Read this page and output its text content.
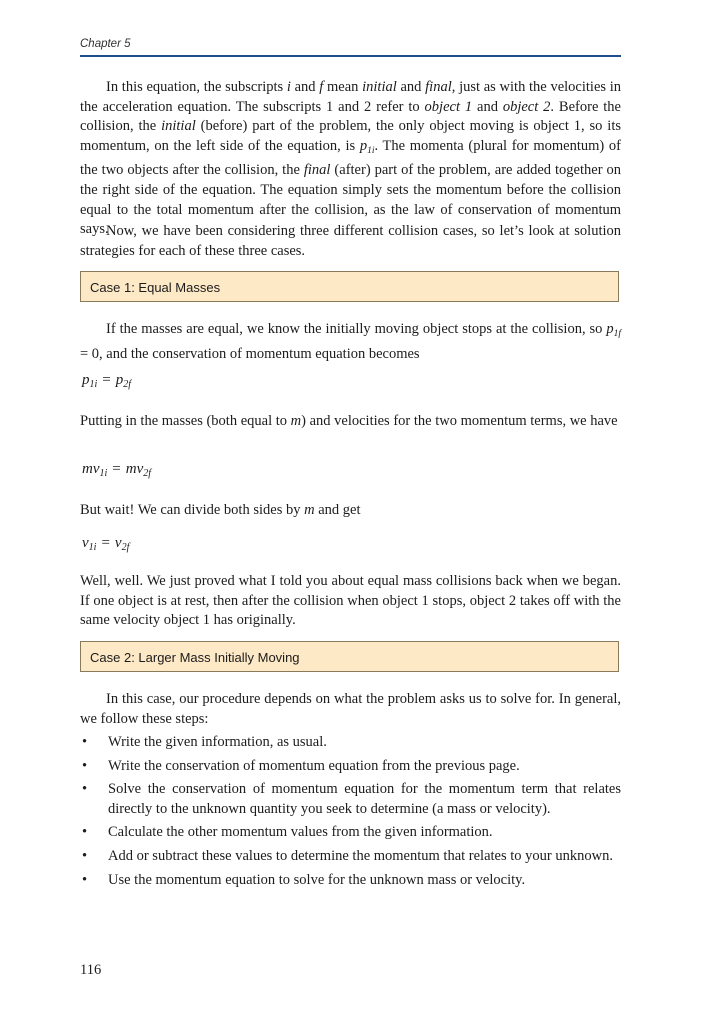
Chapter 5

In this equation, the subscripts i and f mean initial and final, just as with the velocities in the acceleration equation. The subscripts 1 and 2 refer to object 1 and object 2. Before the collision, the initial (before) part of the problem, the only object moving is object 1, so its momentum, on the left side of the equation, is $p_{1i}$. The momenta (plural for momentum) of the two objects after the collision, the final (after) part of the problem, are added together on the right side of the equation. The equation simply sets the momentum before the collision equal to the total momentum after the collision, as the law of conservation of momentum says.

Now, we have been considering three different collision cases, so let’s look at solution strategies for each of these three cases.

Case 1: Equal Masses

If the masses are equal, we know the initially moving object stops at the collision, so $p_{1f} = 0$, and the conservation of momentum equation becomes

$p_{1i} = p_{2f}$

Putting in the masses (both equal to m) and velocities for the two momentum terms, we have

$mv_{1i} = mv_{2f}$

But wait! We can divide both sides by m and get

$v_{1i} = v_{2f}$

Well, well. We just proved what I told you about equal mass collisions back when we began. If one object is at rest, then after the collision when object 1 stops, object 2 takes off with the same velocity object 1 has originally.

Case 2: Larger Mass Initially Moving

In this case, our procedure depends on what the problem asks us to solve for. In general, we follow these steps:

• Write the given information, as usual.
• Write the conservation of momentum equation from the previous page.
• Solve the conservation of momentum equation for the momentum term that relates directly to the unknown quantity you seek to determine (a mass or velocity).
• Calculate the other momentum values from the given information.
• Add or subtract these values to determine the momentum that relates to your unknown.
• Use the momentum equation to solve for the unknown mass or velocity.
116
